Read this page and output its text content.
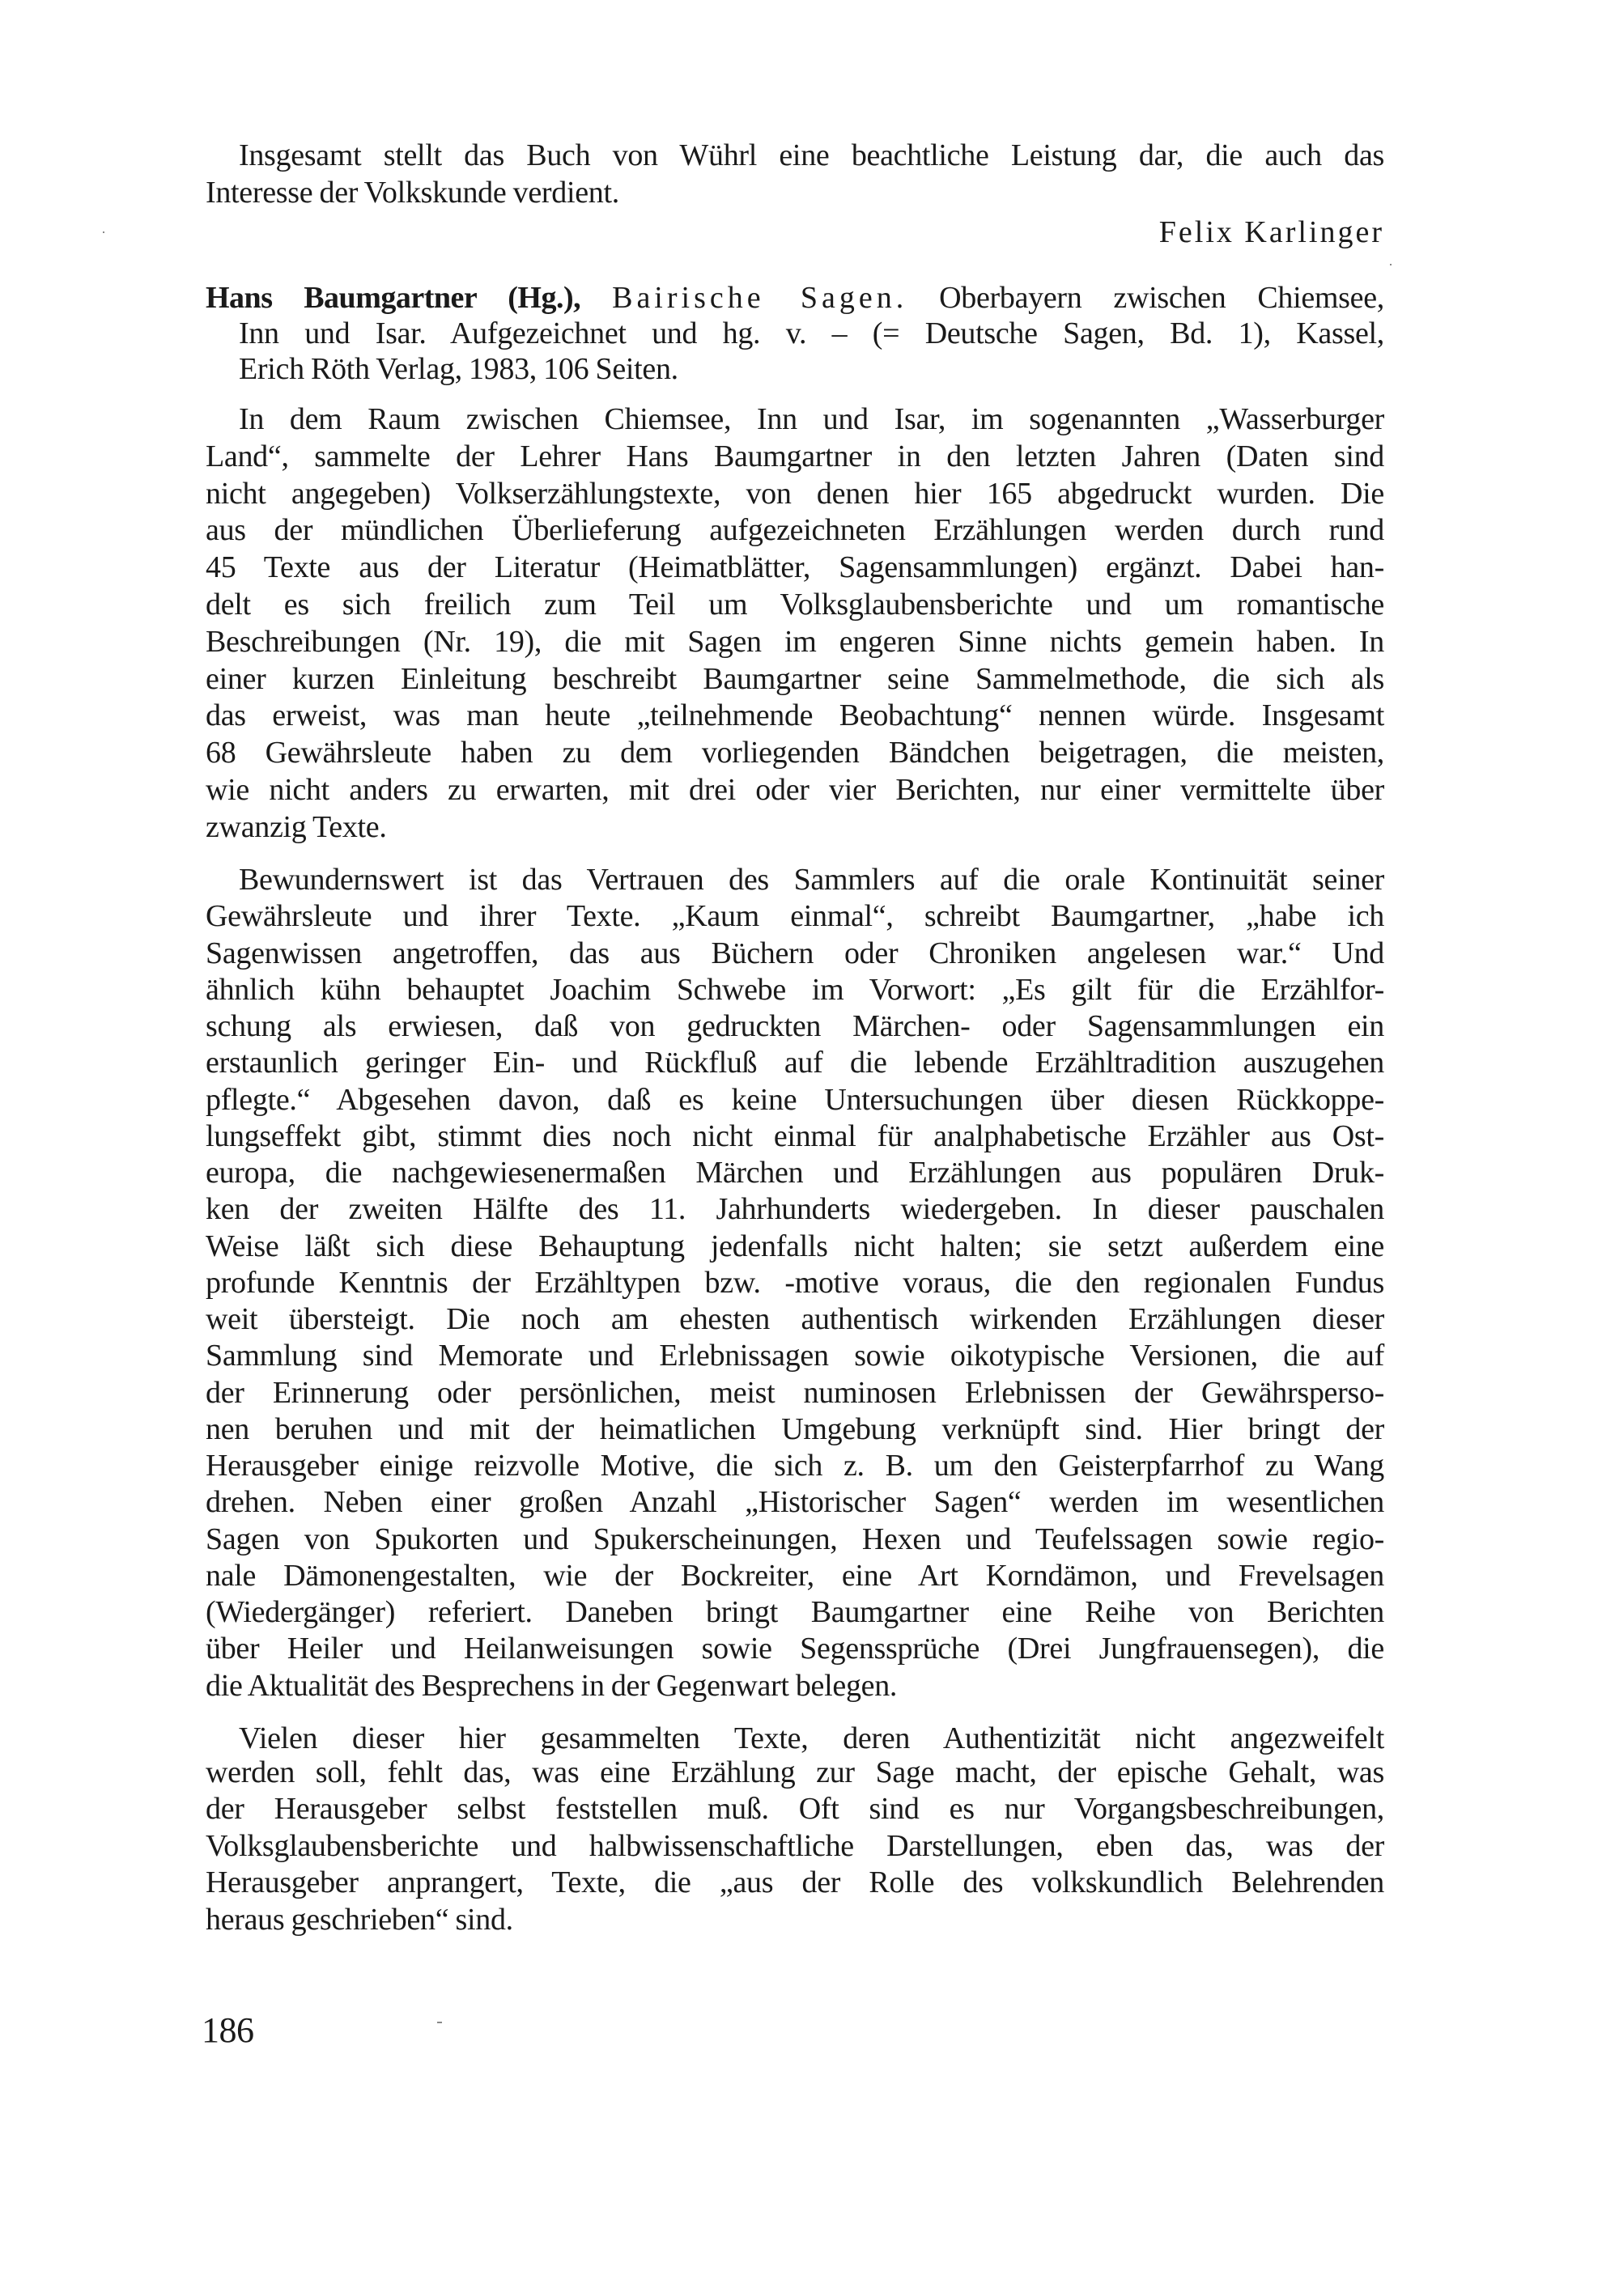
Insgesamt stellt das Buch von Wührl eine beachtliche Leistung dar, die auch das
Interesse der Volkskunde verdient.
Felix Karlinger
Hans Baumgartner (Hg.), Bairische Sagen. Oberbayern zwischen Chiemsee,
Inn und Isar. Aufgezeichnet und hg. v. – (= Deutsche Sagen, Bd. 1), Kassel,
Erich Röth Verlag, 1983, 106 Seiten.
In dem Raum zwischen Chiemsee, Inn und Isar, im sogenannten „Wasserburger
Land“, sammelte der Lehrer Hans Baumgartner in den letzten Jahren (Daten sind
nicht angegeben) Volkserzählungstexte, von denen hier 165 abgedruckt wurden. Die
aus der mündlichen Überlieferung aufgezeichneten Erzählungen werden durch rund
45 Texte aus der Literatur (Heimatblätter, Sagensammlungen) ergänzt. Dabei han-
delt es sich freilich zum Teil um Volksglaubensberichte und um romantische
Beschreibungen (Nr. 19), die mit Sagen im engeren Sinne nichts gemein haben. In
einer kurzen Einleitung beschreibt Baumgartner seine Sammelmethode, die sich als
das erweist, was man heute „teilnehmende Beobachtung“ nennen würde. Insgesamt
68 Gewährsleute haben zu dem vorliegenden Bändchen beigetragen, die meisten,
wie nicht anders zu erwarten, mit drei oder vier Berichten, nur einer vermittelte über
zwanzig Texte.
Bewundernswert ist das Vertrauen des Sammlers auf die orale Kontinuität seiner
Gewährsleute und ihrer Texte. „Kaum einmal“, schreibt Baumgartner, „habe ich
Sagenwissen angetroffen, das aus Büchern oder Chroniken angelesen war.“ Und
ähnlich kühn behauptet Joachim Schwebe im Vorwort: „Es gilt für die Erzählfor-
schung als erwiesen, daß von gedruckten Märchen- oder Sagensammlungen ein
erstaunlich geringer Ein- und Rückfluß auf die lebende Erzähltradition auszugehen
pflegte.“ Abgesehen davon, daß es keine Untersuchungen über diesen Rückkoppe-
lungseffekt gibt, stimmt dies noch nicht einmal für analphabetische Erzähler aus Ost-
europa, die nachgewiesenermaßen Märchen und Erzählungen aus populären Druk-
ken der zweiten Hälfte des 11. Jahrhunderts wiedergeben. In dieser pauschalen
Weise läßt sich diese Behauptung jedenfalls nicht halten; sie setzt außerdem eine
profunde Kenntnis der Erzähltypen bzw. -motive voraus, die den regionalen Fundus
weit übersteigt. Die noch am ehesten authentisch wirkenden Erzählungen dieser
Sammlung sind Memorate und Erlebnissagen sowie oikotypische Versionen, die auf
der Erinnerung oder persönlichen, meist numinosen Erlebnissen der Gewährsperso-
nen beruhen und mit der heimatlichen Umgebung verknüpft sind. Hier bringt der
Herausgeber einige reizvolle Motive, die sich z. B. um den Geisterpfarrhof zu Wang
drehen. Neben einer großen Anzahl „Historischer Sagen“ werden im wesentlichen
Sagen von Spukorten und Spukerscheinungen, Hexen und Teufelssagen sowie regio-
nale Dämonengestalten, wie der Bockreiter, eine Art Korndämon, und Frevelsagen
(Wiedergänger) referiert. Daneben bringt Baumgartner eine Reihe von Berichten
über Heiler und Heilanweisungen sowie Segenssprüche (Drei Jungfrauensegen), die
die Aktualität des Besprechens in der Gegenwart belegen.
Vielen dieser hier gesammelten Texte, deren Authentizität nicht angezweifelt
werden soll, fehlt das, was eine Erzählung zur Sage macht, der epische Gehalt, was
der Herausgeber selbst feststellen muß. Oft sind es nur Vorgangsbeschreibungen,
Volksglaubensberichte und halbwissenschaftliche Darstellungen, eben das, was der
Herausgeber anprangert, Texte, die „aus der Rolle des volkskundlich Belehrenden
heraus geschrieben“ sind.
186
